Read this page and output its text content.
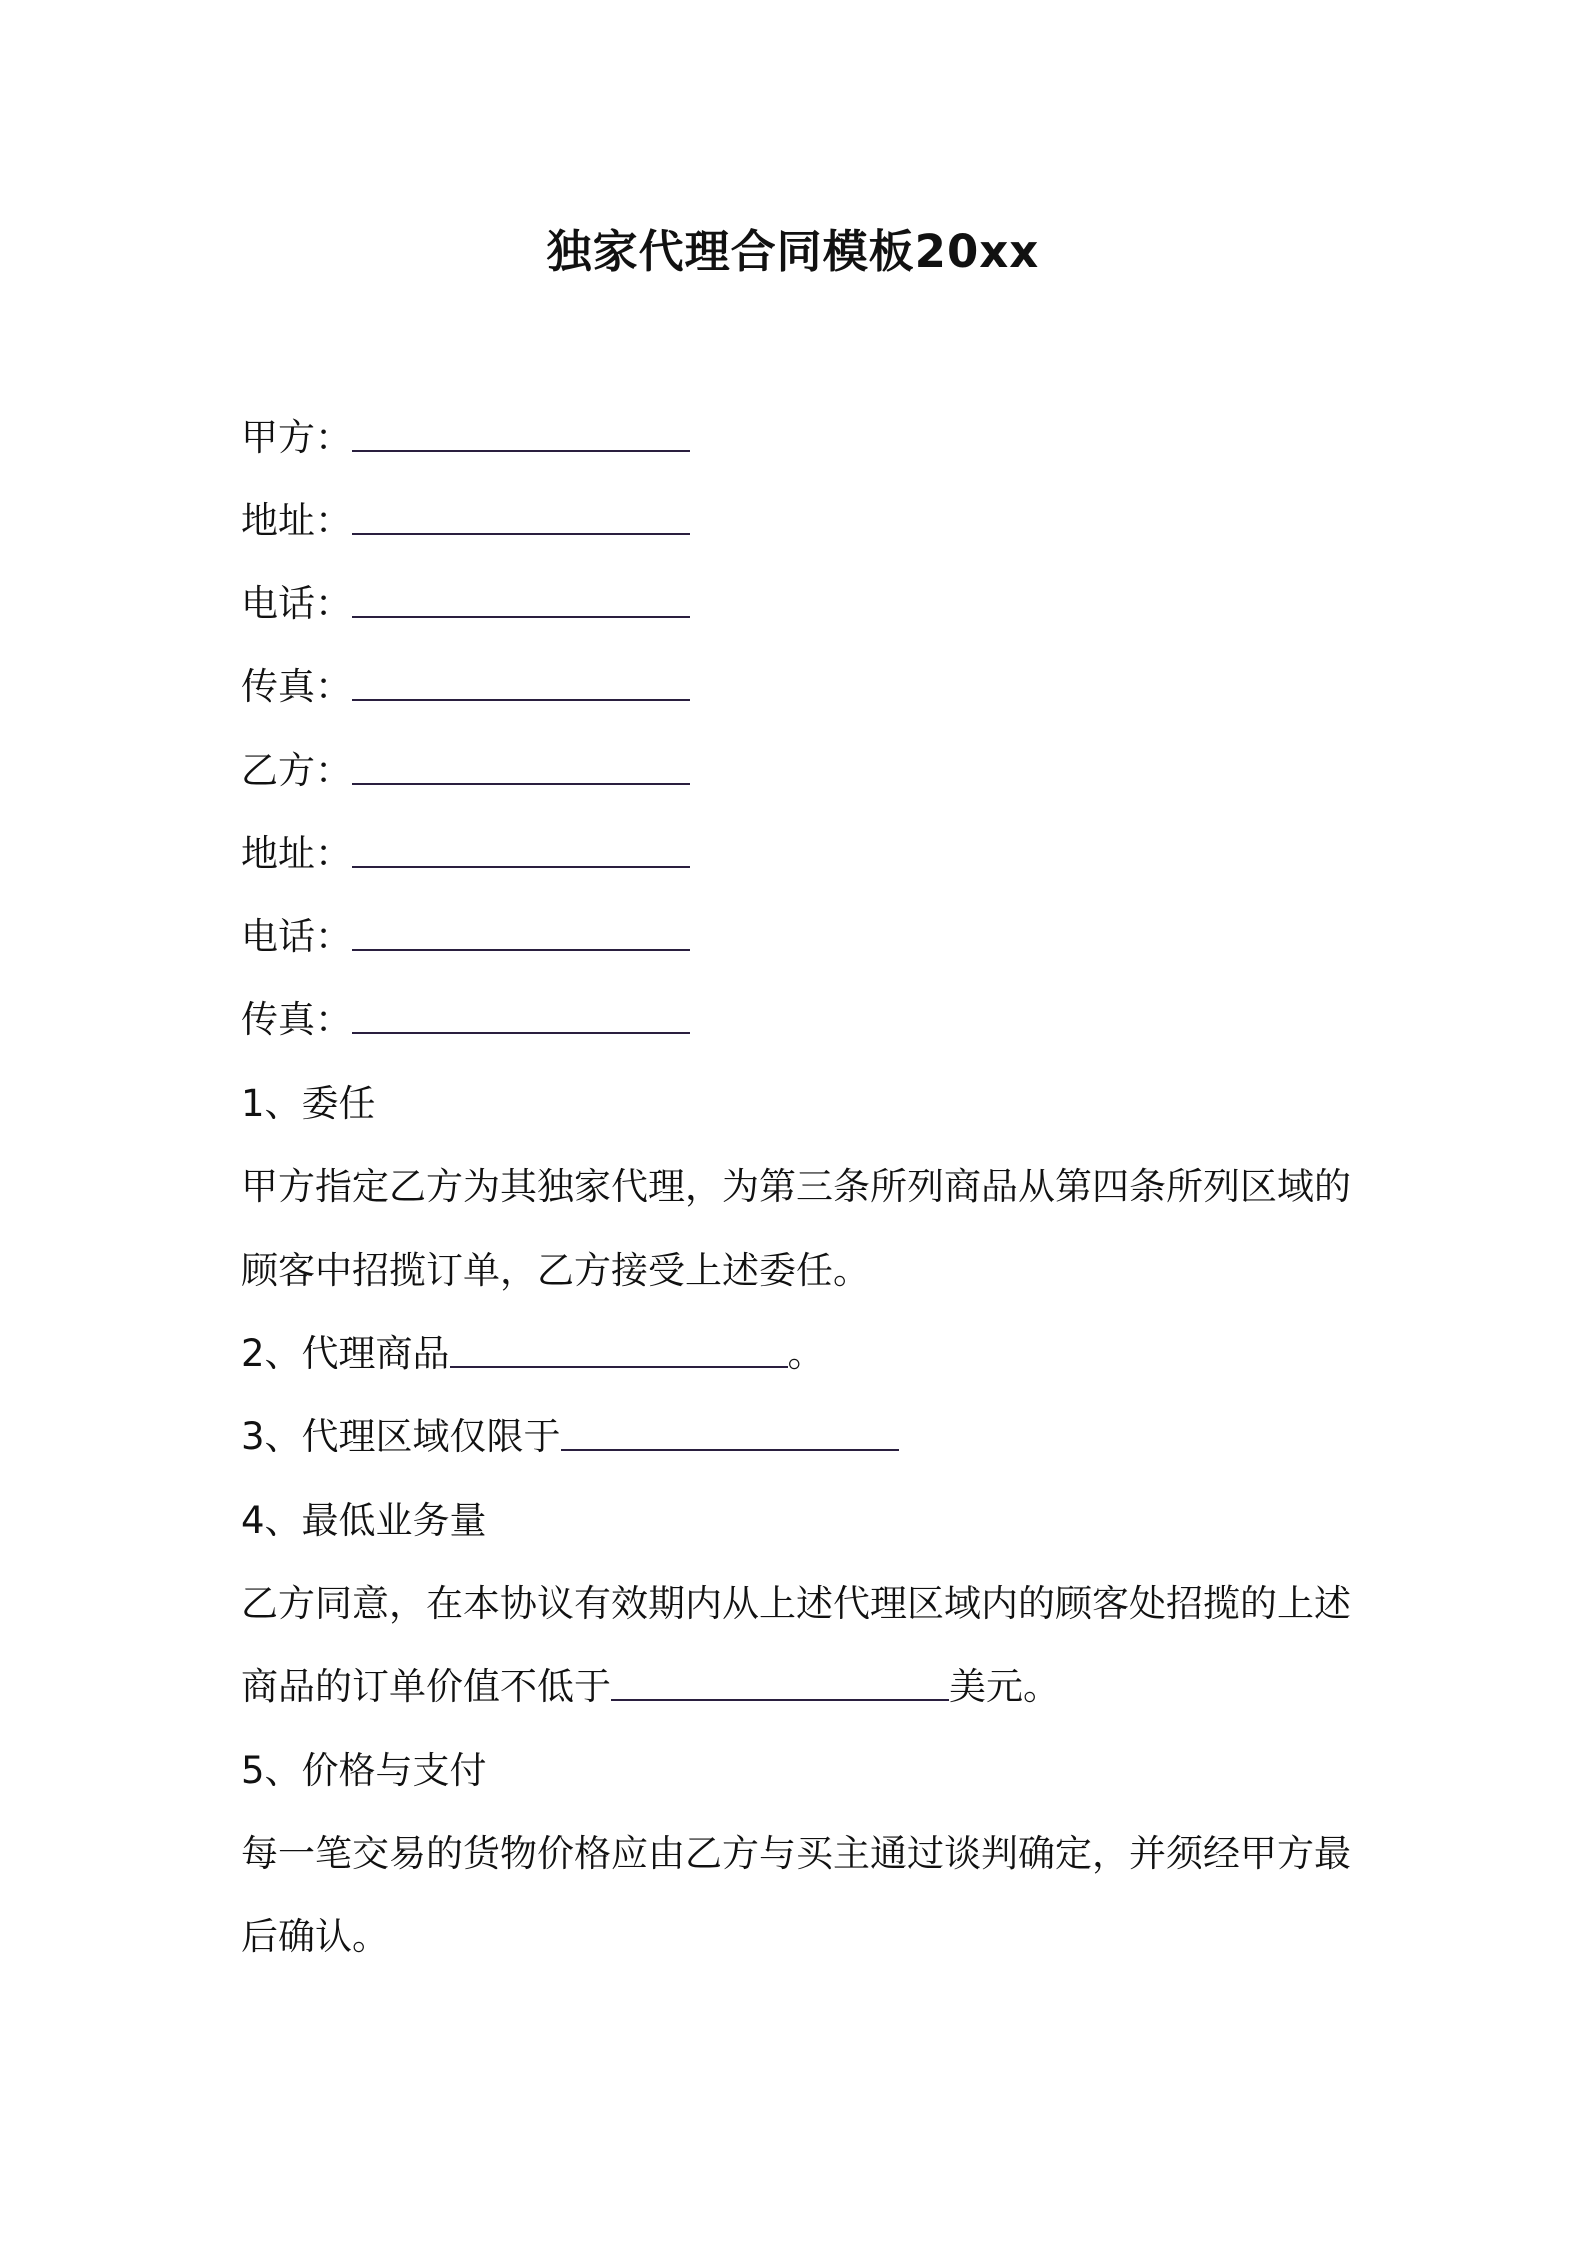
独家代理合同模板20xx
甲方：
地址：
电话：
传真：
乙方：
地址：
电话：
传真：
1、委任
甲方指定乙方为其独家代理，为第三条所列商品从第四条所列区域的
顾客中招揽订单，乙方接受上述委任。
2、代理商品	。
3、代理区域仅限于
4、最低业务量
乙方同意，在本协议有效期内从上述代理区域内的顾客处招揽的上述
商品的订单价值不低于	美元。
5、价格与支付
每一笔交易的货物价格应由乙方与买主通过谈判确定，并须经甲方最
后确认。
